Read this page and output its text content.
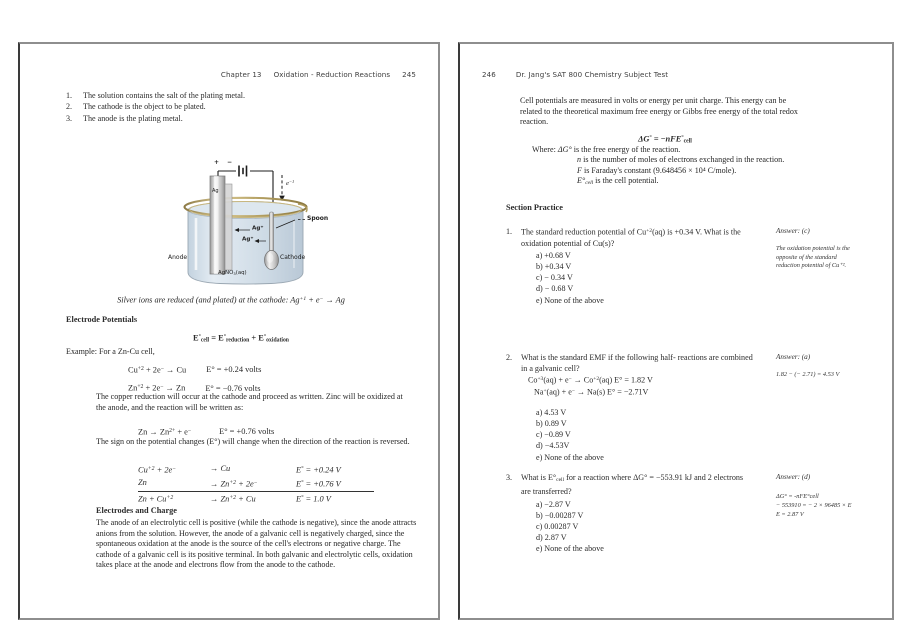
Chapter 13 Oxidation - Reduction Reactions 245
1.	The solution contains the salt of the plating metal.
2.	The cathode is the object to be plated.
3.	The anode is the plating metal.
+ −
$e^{-1}$
Ag
Ag+
Ag+
Spoon
Anode	Cathode
AgNO$_3$(aq)
Silver ions are reduced (and plated) at the cathode: $Ag^{+1} + e^- \to Ag$
Electrode Potentials
$E^\circ_{cell} = E^\circ_{reduction} + E^\circ_{oxidation}$
Example: For a Zn-Cu cell,
$Cu^{+2} + 2e^- \to Cu$ E° = +0.24 volts
$Zn^{+2} + 2e^- \to Zn$ E° = −0.76 volts
The copper reduction will occur at the cathode and proceed as written. Zinc will be oxidized at the anode, and the reaction will be written as:
$Zn \to Zn^{2+} + e^-$	E° = +0.76 volts
The sign on the potential changes (E°) will change when the direction of the reaction is reversed.
$Cu^{+2} + 2e^-$	→ Cu	E° = +0.24 V
Zn	→ $Zn^{+2} + 2e^-$	E° = +0.76 V
$Zn + Cu^{+2}$	→ $Zn^{+2} + Cu$	E° = 1.0 V
Electrodes and Charge
The anode of an electrolytic cell is positive (while the cathode is negative), since the anode attracts anions from the solution. However, the anode of a galvanic cell is negatively charged, since the spontaneous oxidation at the anode is the source of the cell's electrons or negative charge. The cathode of a galvanic cell is its positive terminal. In both galvanic and electrolytic cells, oxidation takes place at the anode and electrons flow from the anode to the cathode.
246	Dr. Jang's SAT 800 Chemistry Subject Test
Cell potentials are measured in volts or energy per unit charge. This energy can be related to the theoretical maximum free energy or Gibbs free energy of the total redox reaction.
ΔG° = −nFE°$_{cell}$
Where: ΔG° is the free energy of the reaction.
n is the number of moles of electrons exchanged in the reaction.
F is Faraday's constant (9.648456 × 10⁴ C/mole).
$E^\circ_{cell}$ is the cell potential.
Section Practice
1.	The standard reduction potential of $Cu^{+2}(aq)$ is +0.34 V. What is the oxidation potential of Cu(s)?
a) +0.68 V
b) +0.34 V
c) − 0.34 V
d) − 0.68 V
e) None of the above
Answer: (c)
The oxidation potential is the
opposite of the standard
reduction potential of Cu⁺².
2.	What is the standard EMF if the following half- reactions are combined in a galvanic cell?
$Co^{+3}(aq) + e^- \to Co^{+2}(aq) E^\circ = 1.82$ V
Na+(aq) + e− → Na(s) E° = −2.71V
a) 4.53 V
b) 0.89 V
c) −0.89 V
d) −4.53V
e) None of the above
Answer: (a)
1.82 − (− 2.71) = 4.53 V
3.	What is $E^\circ_{cell}$ for a reaction where ΔG° = −553.91 kJ and 2 electrons are transferred?
a) −2.87 V
b) −0.00287 V
c) 0.00287 V
d) 2.87 V
e) None of the above
Answer: (d)
ΔG° = -nFE°cell
− 553910 = − 2 × 96485 × E
E = 2.87 V
